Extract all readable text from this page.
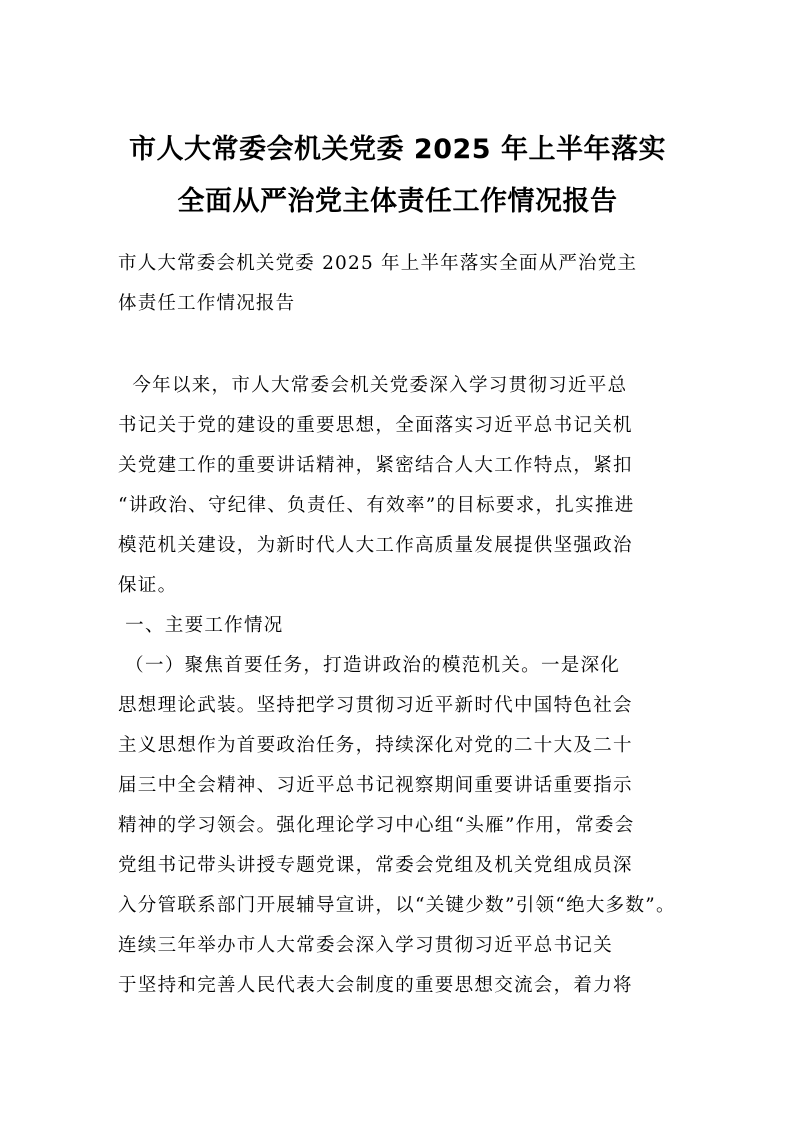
市人大常委会机关党委 2025 年上半年落实
全面从严治党主体责任工作情况报告
市人大常委会机关党委 2025 年上半年落实全面从严治党主
体责任工作情况报告

今年以来，市人大常委会机关党委深入学习贯彻习近平总
书记关于党的建设的重要思想，全面落实习近平总书记关机
关党建工作的重要讲话精神，紧密结合人大工作特点，紧扣
“讲政治、守纪律、负责任、有效率”的目标要求，扎实推进
模范机关建设，为新时代人大工作高质量发展提供坚强政治
保证。

一、主要工作情况

（一）聚焦首要任务，打造讲政治的模范机关。一是深化
思想理论武装。坚持把学习贯彻习近平新时代中国特色社会
主义思想作为首要政治任务，持续深化对党的二十大及二十
届三中全会精神、习近平总书记视察期间重要讲话重要指示
精神的学习领会。强化理论学习中心组“头雁”作用，常委会
党组书记带头讲授专题党课，常委会党组及机关党组成员深
入分管联系部门开展辅导宣讲，以“关键少数”引领“绝大多数”。
连续三年举办市人大常委会深入学习贯彻习近平总书记关
于坚持和完善人民代表大会制度的重要思想交流会，着力将
